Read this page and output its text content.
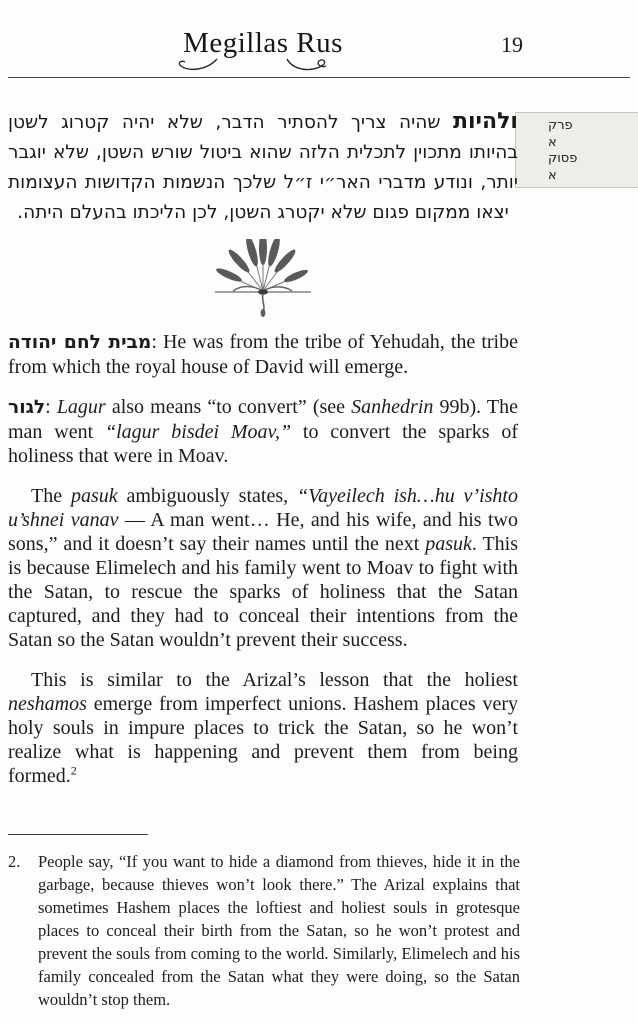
Megillas Rus	19
פרק
א
פסוק
א
ולהיות שהיה צריך להסתיר הדבר, שלא יהיה קטרוג לשטן בהיותו מתכוין לתכלית הלזה שהוא ביטול שורש השטן, שלא יוגבר יותר, ונודע מדברי האר״י ז״ל שלכך הנשמות הקדושות העצומות יצאו ממקום פגום שלא יקטרג השטן, לכן הליכתו בהעלם היתה.

מבית לחם יהודה: He was from the tribe of Yehudah, the tribe from which the royal house of David will emerge.

לגור: Lagur also means “to convert” (see Sanhedrin 99b). The man went “lagur bisdei Moav,” to convert the sparks of holiness that were in Moav.

The pasuk ambiguously states, “Vayeilech ish…hu v’ishto u’shnei vanav — A man went… He, and his wife, and his two sons,” and it doesn’t say their names until the next pasuk. This is because Elimelech and his family went to Moav to fight with the Satan, to rescue the sparks of holiness that the Satan captured, and they had to conceal their intentions from the Satan so the Satan wouldn’t prevent their success.

This is similar to the Arizal’s lesson that the holiest neshamos emerge from imperfect unions. Hashem places very holy souls in impure places to trick the Satan, so he won’t realize what is happening and prevent them from being formed.$^2$

2.	People say, “If you want to hide a diamond from thieves, hide it in the garbage, because thieves won’t look there.” The Arizal explains that sometimes Hashem places the loftiest and holiest souls in grotesque places to conceal their birth from the Satan, so he won’t protest and prevent the souls from coming to the world. Similarly, Elimelech and his family concealed from the Satan what they were doing, so the Satan wouldn’t stop them.
